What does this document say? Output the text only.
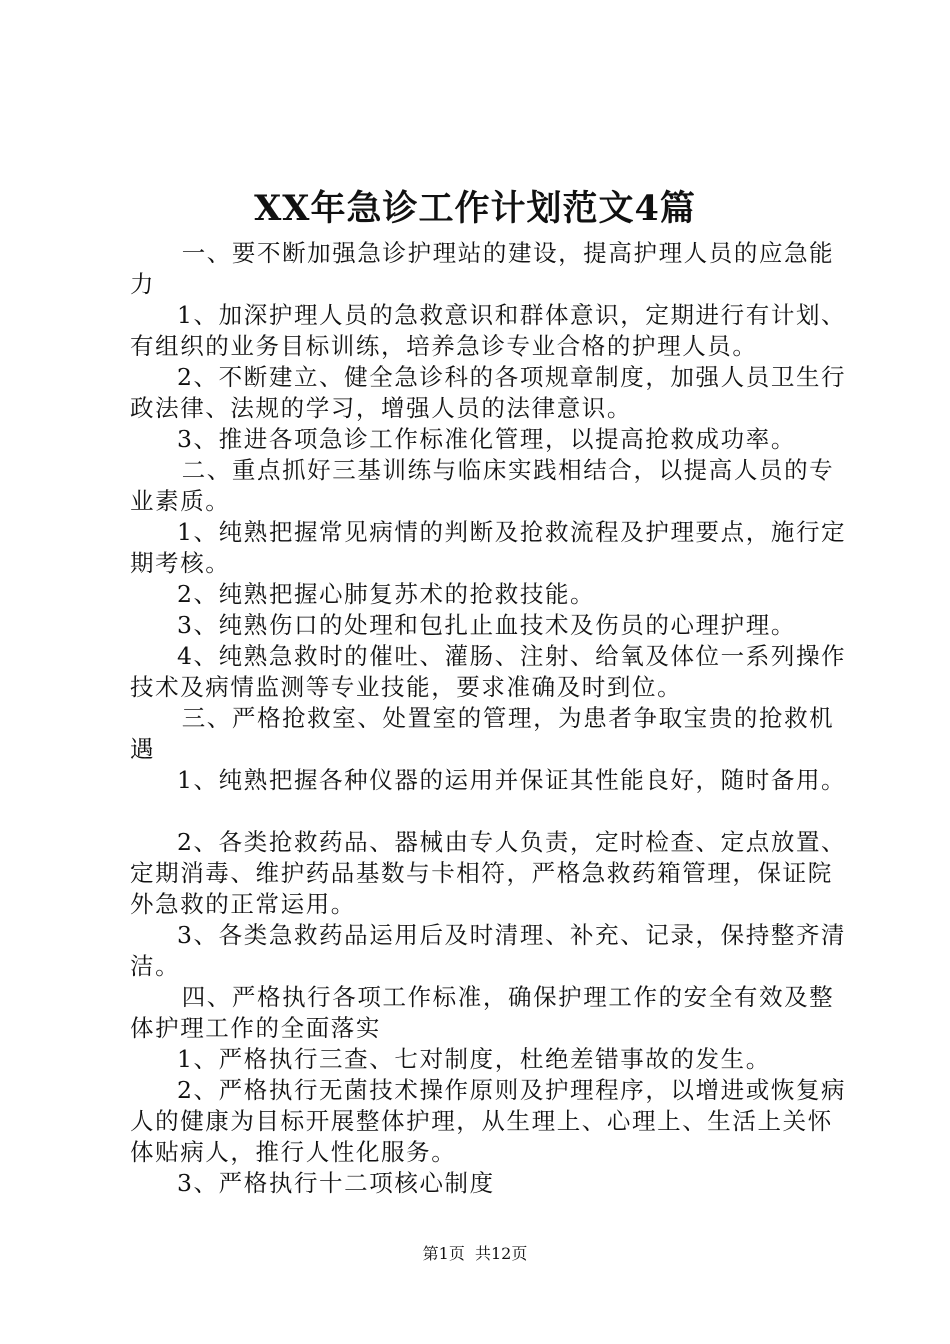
XX年急诊工作计划范文4篇

一、要不断加强急诊护理站的建设，提高护理人员的应急能力

1、加深护理人员的急救意识和群体意识，定期进行有计划、有组织的业务目标训练，培养急诊专业合格的护理人员。

2、不断建立、健全急诊科的各项规章制度，加强人员卫生行政法律、法规的学习，增强人员的法律意识。

3、推进各项急诊工作标准化管理，以提高抢救成功率。

二、重点抓好三基训练与临床实践相结合，以提高人员的专业素质。

1、纯熟把握常见病情的判断及抢救流程及护理要点，施行定期考核。

2、纯熟把握心肺复苏术的抢救技能。

3、纯熟伤口的处理和包扎止血技术及伤员的心理护理。

4、纯熟急救时的催吐、灌肠、注射、给氧及体位一系列操作技术及病情监测等专业技能，要求准确及时到位。

三、严格抢救室、处置室的管理，为患者争取宝贵的抢救机遇

1、纯熟把握各种仪器的运用并保证其性能良好，随时备用。

2、各类抢救药品、器械由专人负责，定时检查、定点放置、定期消毒、维护药品基数与卡相符，严格急救药箱管理，保证院外急救的正常运用。

3、各类急救药品运用后及时清理、补充、记录，保持整齐清洁。

四、严格执行各项工作标准，确保护理工作的安全有效及整体护理工作的全面落实

1、严格执行三查、七对制度，杜绝差错事故的发生。

2、严格执行无菌技术操作原则及护理程序，以增进或恢复病人的健康为目标开展整体护理，从生理上、心理上、生活上关怀体贴病人，推行人性化服务。

3、严格执行十二项核心制度

第1页  共12页
